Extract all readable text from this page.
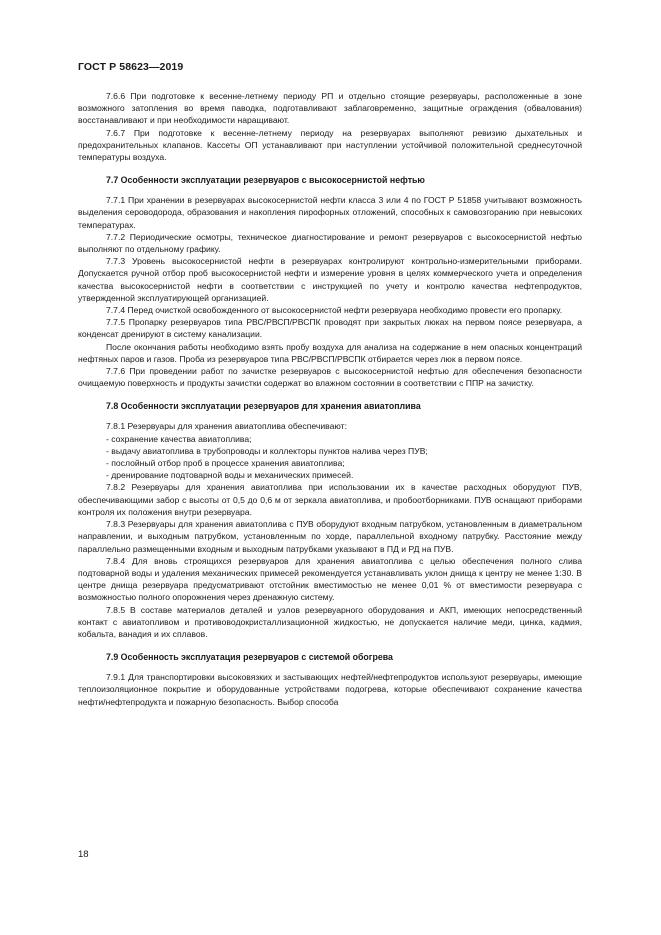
ГОСТ Р 58623—2019

7.6.6 При подготовке к весенне-летнему периоду РП и отдельно стоящие резервуары, расположенные в зоне возможного затопления во время паводка, подготавливают заблаговременно, защитные ограждения (обвалования) восстанавливают и при необходимости наращивают.

7.6.7 При подготовке к весенне-летнему периоду на резервуарах выполняют ревизию дыхательных и предохранительных клапанов. Кассеты ОП устанавливают при наступлении устойчивой положительной среднесуточной температуры воздуха.

7.7 Особенности эксплуатации резервуаров с высокосернистой нефтью

7.7.1 При хранении в резервуарах высокосернистой нефти класса 3 или 4 по ГОСТ Р 51858 учитывают возможность выделения сероводорода, образования и накопления пирофорных отложений, способных к самовозгоранию при невысоких температурах.

7.7.2 Периодические осмотры, техническое диагностирование и ремонт резервуаров с высокосернистой нефтью выполняют по отдельному графику.

7.7.3 Уровень высокосернистой нефти в резервуарах контролируют контрольно-измерительными приборами. Допускается ручной отбор проб высокосернистой нефти и измерение уровня в целях коммерческого учета и определения качества высокосернистой нефти в соответствии с инструкцией по учету и контролю качества нефтепродуктов, утвержденной эксплуатирующей организацией.

7.7.4 Перед очисткой освобожденного от высокосернистой нефти резервуара необходимо провести его пропарку.

7.7.5 Пропарку резервуаров типа РВС/РВСП/РВСПК проводят при закрытых люках на первом поясе резервуара, а конденсат дренируют в систему канализации.

После окончания работы необходимо взять пробу воздуха для анализа на содержание в нем опасных концентраций нефтяных паров и газов. Проба из резервуаров типа РВС/РВСП/РВСПК отбирается через люк в первом поясе.

7.7.6 При проведении работ по зачистке резервуаров с высокосернистой нефтью для обеспечения безопасности очищаемую поверхность и продукты зачистки содержат во влажном состоянии в соответствии с ППР на зачистку.

7.8 Особенности эксплуатации резервуаров для хранения авиатоплива

7.8.1 Резервуары для хранения авиатоплива обеспечивают:

- сохранение качества авиатоплива;

- выдачу авиатоплива в трубопроводы и коллекторы пунктов налива через ПУВ;

- послойный отбор проб в процессе хранения авиатоплива;

- дренирование подтоварной воды и механических примесей.

7.8.2 Резервуары для хранения авиатоплива при использовании их в качестве расходных оборудуют ПУВ, обеспечивающими забор с высоты от 0,5 до 0,6 м от зеркала авиатоплива, и пробоотборниками. ПУВ оснащают приборами контроля их положения внутри резервуара.

7.8.3 Резервуары для хранения авиатоплива с ПУВ оборудуют входным патрубком, установленным в диаметральном направлении, и выходным патрубком, установленным по хорде, параллельной входному патрубку. Расстояние между параллельно размещенными входным и выходным патрубками указывают в ПД и РД на ПУВ.

7.8.4 Для вновь строящихся резервуаров для хранения авиатоплива с целью обеспечения полного слива подтоварной воды и удаления механических примесей рекомендуется устанавливать уклон днища к центру не менее 1:30. В центре днища резервуара предусматривают отстойник вместимостью не менее 0,01 % от вместимости резервуара с возможностью полного опорожнения через дренажную систему.

7.8.5 В составе материалов деталей и узлов резервуарного оборудования и АКП, имеющих непосредственный контакт с авиатопливом и противоводокристаллизационной жидкостью, не допускается наличие меди, цинка, кадмия, кобальта, ванадия и их сплавов.

7.9 Особенность эксплуатация резервуаров с системой обогрева

7.9.1 Для транспортировки высоковязких и застывающих нефтей/нефтепродуктов используют резервуары, имеющие теплоизоляционное покрытие и оборудованные устройствами подогрева, которые обеспечивают сохранение качества нефти/нефтепродукта и пожарную безопасность. Выбор способа

18
